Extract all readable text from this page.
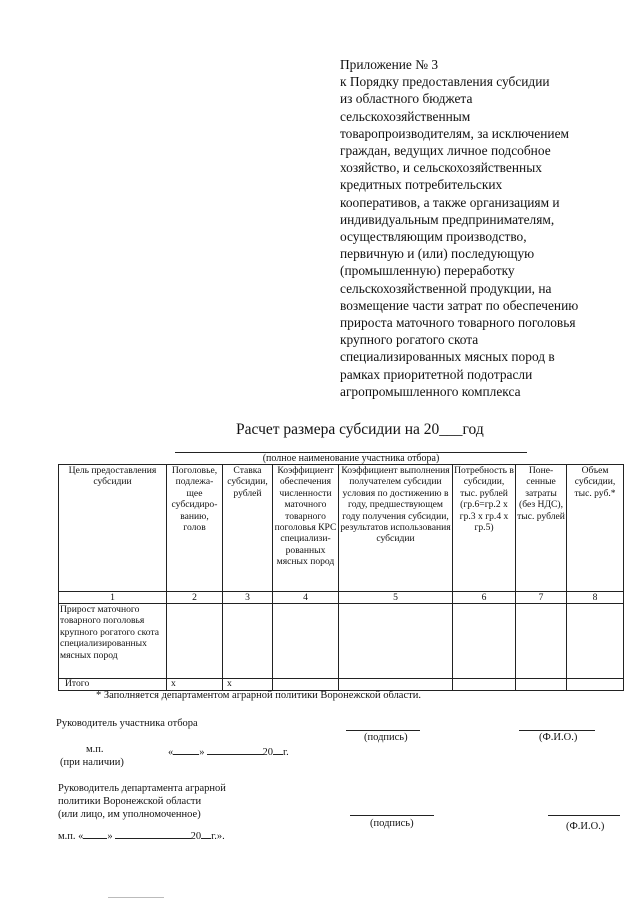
Приложение № 3
к Порядку предоставления субсидии
из областного бюджета
сельскохозяйственным
товаропроизводителям, за исключением
граждан, ведущих личное подсобное
хозяйство, и сельскохозяйственных
кредитных потребительских
кооперативов, а также организациям и
индивидуальным предпринимателям,
осуществляющим производство,
первичную и (или) последующую
(промышленную) переработку
сельскохозяйственной продукции, на
возмещение части затрат по обеспечению
прироста маточного товарного поголовья
крупного рогатого скота
специализированных мясных пород в
рамках приоритетной подотрасли
агропромышленного комплекса
Расчет размера субсидии на 20___год
(полное наименование участника отбора)
Цель предоставления субсидии	Поголовье, подлежа-щее субсидиро-ванию, голов	Ставка субсидии, рублей	Коэффициент обеспечения численности маточного товарного поголовья КРС специализи-рованных мясных пород	Коэффициент выполнения получателем субсидии условия по достижению в году, предшествующем году получения субсидии, результатов использования субсидии	Потребность в субсидии, тыс. рублей (гр.6=гр.2 х гр.3 х гр.4 х гр.5)	Поне-сенные затраты (без НДС), тыс. рублей	Объем субсидии, тыс. руб.*
1	2	3	4	5	6	7	8
Прирост маточного товарного поголовья крупного рогатого скота специализированных мясных пород							
Итого	х	х					
* Заполняется департаментом аграрной политики Воронежской области.
Руководитель участника отбора
(подпись)	(Ф.И.О.)
м.п.	« »	20 г.
(при наличии)
Руководитель департамента аграрной
политики Воронежской области
(или лицо, им уполномоченное)
(подпись)	(Ф.И.О.)
м.п. « »	20 г.».
